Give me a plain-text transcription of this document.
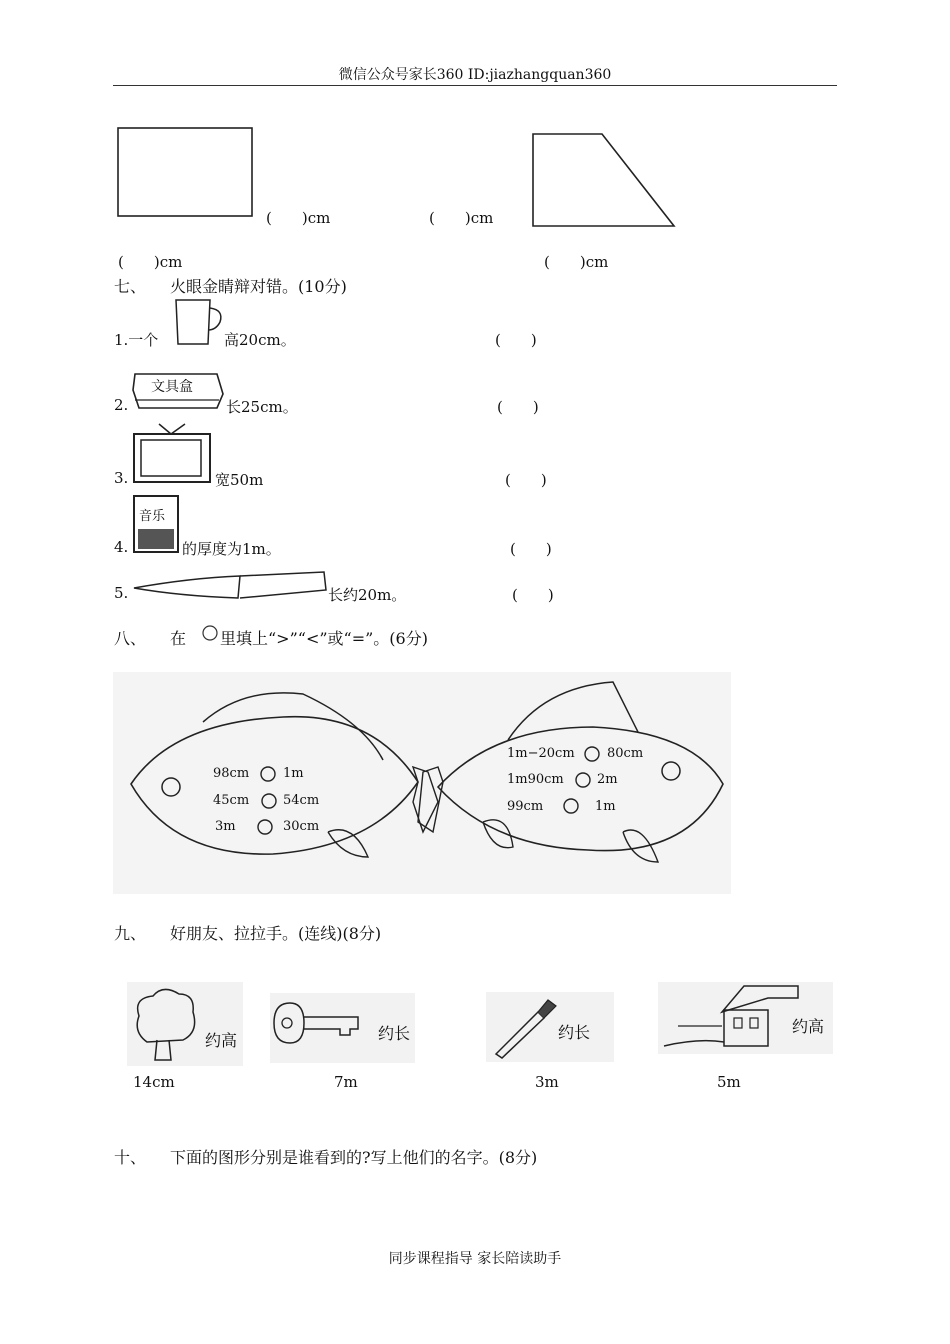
微信公众号家长360 ID:jiazhangquan360
(　　)cm	(　　)cm
(　　)cm	(　　)cm
七、　　火眼金睛辩对错。(10分)
1.一个	高20cm。	(　　)
2.
文具盒
长25cm。	(　　)
3.	宽50m	(　　)
4.
音乐
的厚度为1m。	(　　)
5.	长约20m。	(　　)
八、　　在 里填上“>”“<”或“=”。(6分)
98cm	1m
45cm	54cm
3m	30cm
1m−20cm 80cm
1m90cm	2m
99cm	1m
九、　　好朋友、拉拉手。(连线)(8分)
约高	约长	约长	约高
14cm	7m	3m	5m
十、　　下面的图形分别是谁看到的?写上他们的名字。(8分)
同步课程指导 家长陪读助手
